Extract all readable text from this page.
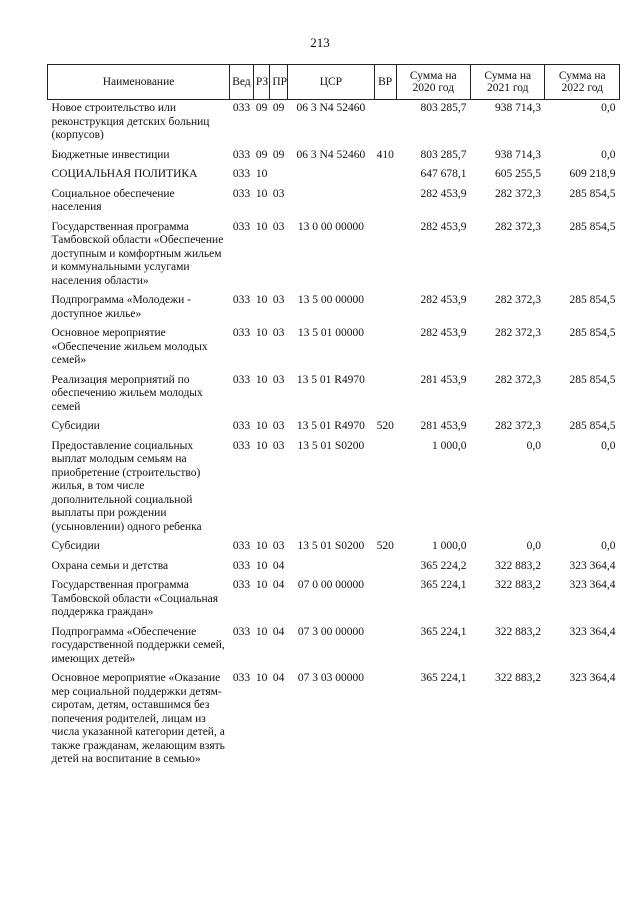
213
Наименование	Вед	РЗ	ПР	ЦСР	ВР	Сумма на 2020 год	Сумма на 2021 год	Сумма на 2022 год
Новое строительство или реконструкция детских больниц (корпусов)	033	09	09	06 3 N4 52460		803 285,7	938 714,3	0,0
Бюджетные инвестиции	033	09	09	06 3 N4 52460	410	803 285,7	938 714,3	0,0
СОЦИАЛЬНАЯ ПОЛИТИКА	033	10				647 678,1	605 255,5	609 218,9
Социальное обеспечение населения	033	10	03			282 453,9	282 372,3	285 854,5
Государственная программа Тамбовской области «Обеспечение доступным и комфортным жильем и коммунальными услугами населения области»	033	10	03	13 0 00 00000		282 453,9	282 372,3	285 854,5
Подпрограмма «Молодежи - доступное жилье»	033	10	03	13 5 00 00000		282 453,9	282 372,3	285 854,5
Основное мероприятие «Обеспечение жильем молодых семей»	033	10	03	13 5 01 00000		282 453,9	282 372,3	285 854,5
Реализация мероприятий по обеспечению жильем молодых семей	033	10	03	13 5 01 R4970		281 453,9	282 372,3	285 854,5
Субсидии	033	10	03	13 5 01 R4970	520	281 453,9	282 372,3	285 854,5
Предоставление социальных выплат молодым семьям на приобретение (строительство) жилья, в том числе дополнительной социальной выплаты при рождении (усыновлении) одного ребенка	033	10	03	13 5 01 S0200		1 000,0	0,0	0,0
Субсидии	033	10	03	13 5 01 S0200	520	1 000,0	0,0	0,0
Охрана семьи и детства	033	10	04			365 224,2	322 883,2	323 364,4
Государственная программа Тамбовской области «Социальная поддержка граждан»	033	10	04	07 0 00 00000		365 224,1	322 883,2	323 364,4
Подпрограмма «Обеспечение государственной поддержки семей, имеющих детей»	033	10	04	07 3 00 00000		365 224,1	322 883,2	323 364,4
Основное мероприятие «Оказание мер социальной поддержки детям-сиротам, детям, оставшимся без попечения родителей, лицам из числа указанной категории детей, а также гражданам, желающим взять детей на воспитание в семью»	033	10	04	07 3 03 00000		365 224,1	322 883,2	323 364,4
